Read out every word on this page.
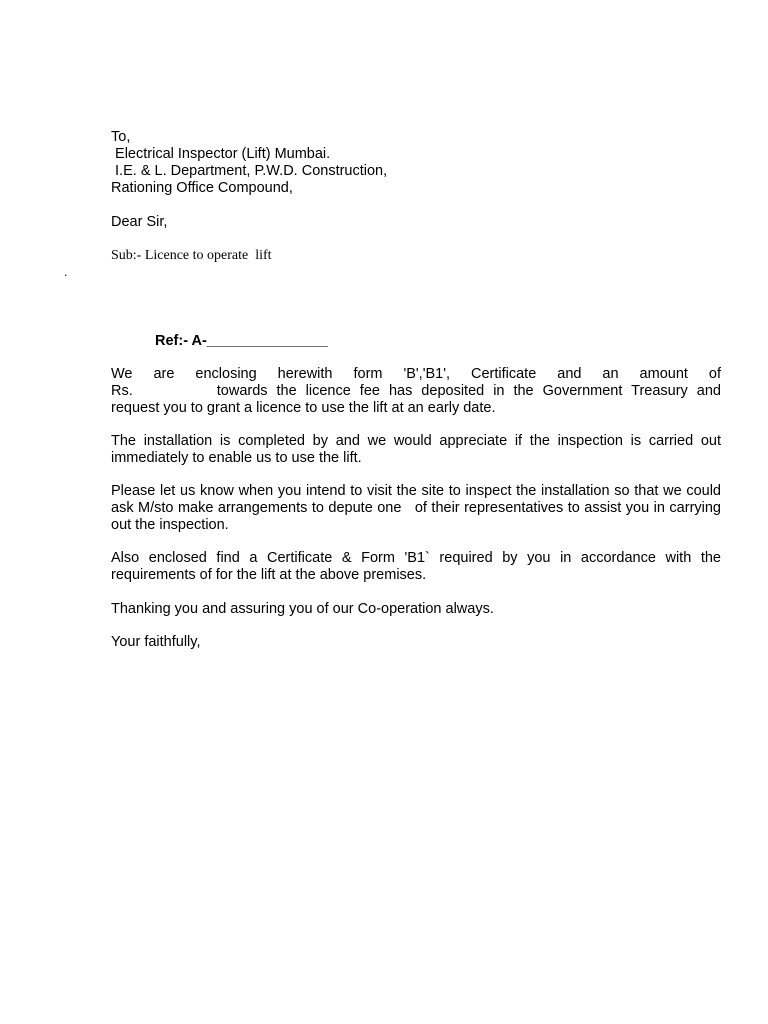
To,
Electrical Inspector (Lift) Mumbai.
I.E. & L. Department, P.W.D. Construction,
Rationing Office Compound,
Dear Sir,
Sub:- Licence to operate  lift
.
Ref:- A-_______________
We are enclosing herewith form 'B','B1', Certificate and an amount of
Rs.	towards the licence fee has deposited in the Government Treasury and request you to grant a licence to use the lift at an early date.
The installation is completed by and we would appreciate if the inspection is carried out immediately to enable us to use the lift.
Please let us know when you intend to visit the site to inspect the installation so that we could ask M/sto make arrangements to depute one   of their representatives to assist you in carrying out the inspection.
Also enclosed find a Certificate & Form 'B1` required by you in accordance with the requirements of for the lift at the above premises.
Thanking you and assuring you of our Co-operation always.
Your faithfully,
